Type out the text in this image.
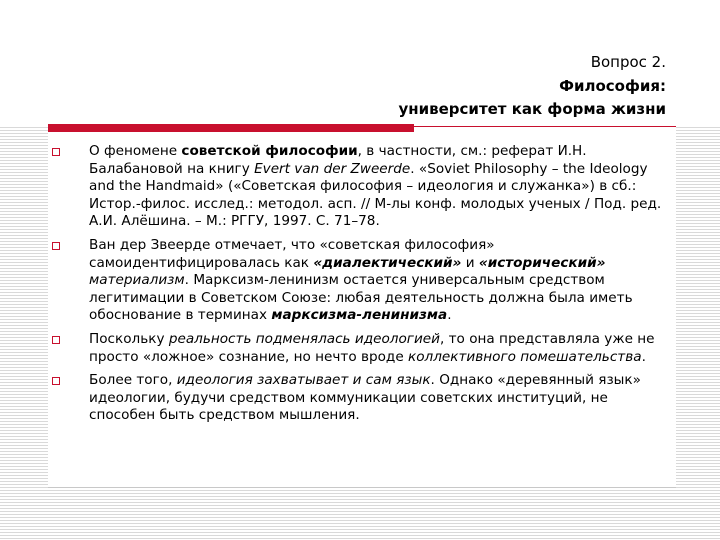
Вопрос 2.
Философия:
университет как форма жизни
О феномене советской философии, в частности, см.: реферат И.Н. Балабановой на книгу Evert van der Zweerde. «Soviet Philosophy – the Ideology and the Handmaid» («Советская философия – идеология и служанка») в сб.: Истор.-филос. исслед.: методол. асп. // М-лы конф. молодых ученых / Под. ред. А.И. Алёшина. – М.: РГГУ, 1997. С. 71–78.
Ван дер Звеерде отмечает, что «советская философия» самоидентифицировалась как «диалектический» и «исторический» материализм. Марксизм-ленинизм остается универсальным средством легитимации в Советском Союзе: любая деятельность должна была иметь обоснование в терминах марксизма-ленинизма.
Поскольку реальность подменялась идеологией, то она представляла уже не просто «ложное» сознание, но нечто вроде коллективного помешательства.
Более того, идеология захватывает и сам язык. Однако «деревянный язык» идеологии, будучи средством коммуникации советских институций, не способен быть средством мышления.
